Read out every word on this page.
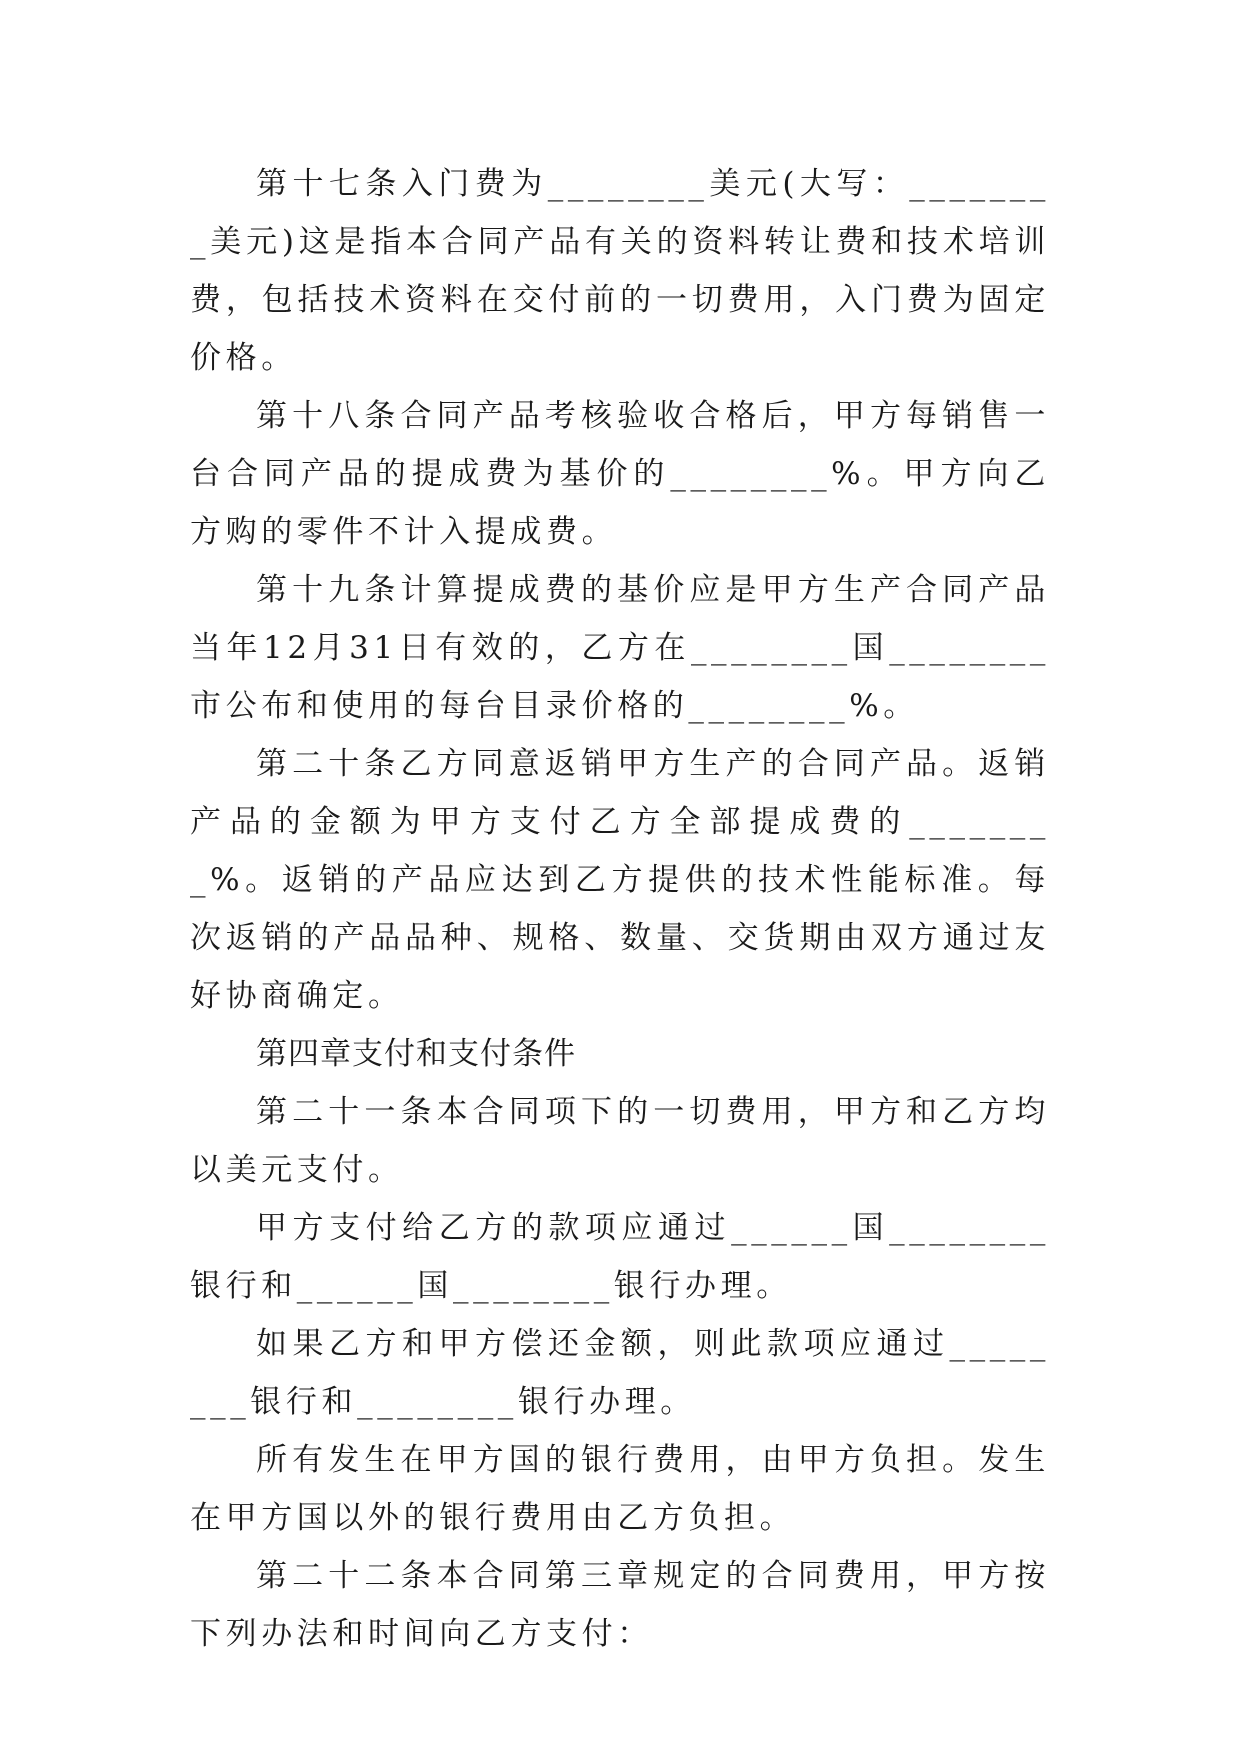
第十七条入门费为________美元(大写：________美元)这是指本合同产品有关的资料转让费和技术培训费，包括技术资料在交付前的一切费用，入门费为固定价格。

第十八条合同产品考核验收合格后，甲方每销售一台合同产品的提成费为基价的________%。甲方向乙方购的零件不计入提成费。

第十九条计算提成费的基价应是甲方生产合同产品当年12月31日有效的，乙方在________国________市公布和使用的每台目录价格的________%。

第二十条乙方同意返销甲方生产的合同产品。返销产品的金额为甲方支付乙方全部提成费的________%。返销的产品应达到乙方提供的技术性能标准。每次返销的产品品种、规格、数量、交货期由双方通过友好协商确定。

第四章支付和支付条件

第二十一条本合同项下的一切费用，甲方和乙方均以美元支付。

甲方支付给乙方的款项应通过______国________银行和______国________银行办理。

如果乙方和甲方偿还金额，则此款项应通过________银行和________银行办理。

所有发生在甲方国的银行费用，由甲方负担。发生在甲方国以外的银行费用由乙方负担。

第二十二条本合同第三章规定的合同费用，甲方按下列办法和时间向乙方支付：
